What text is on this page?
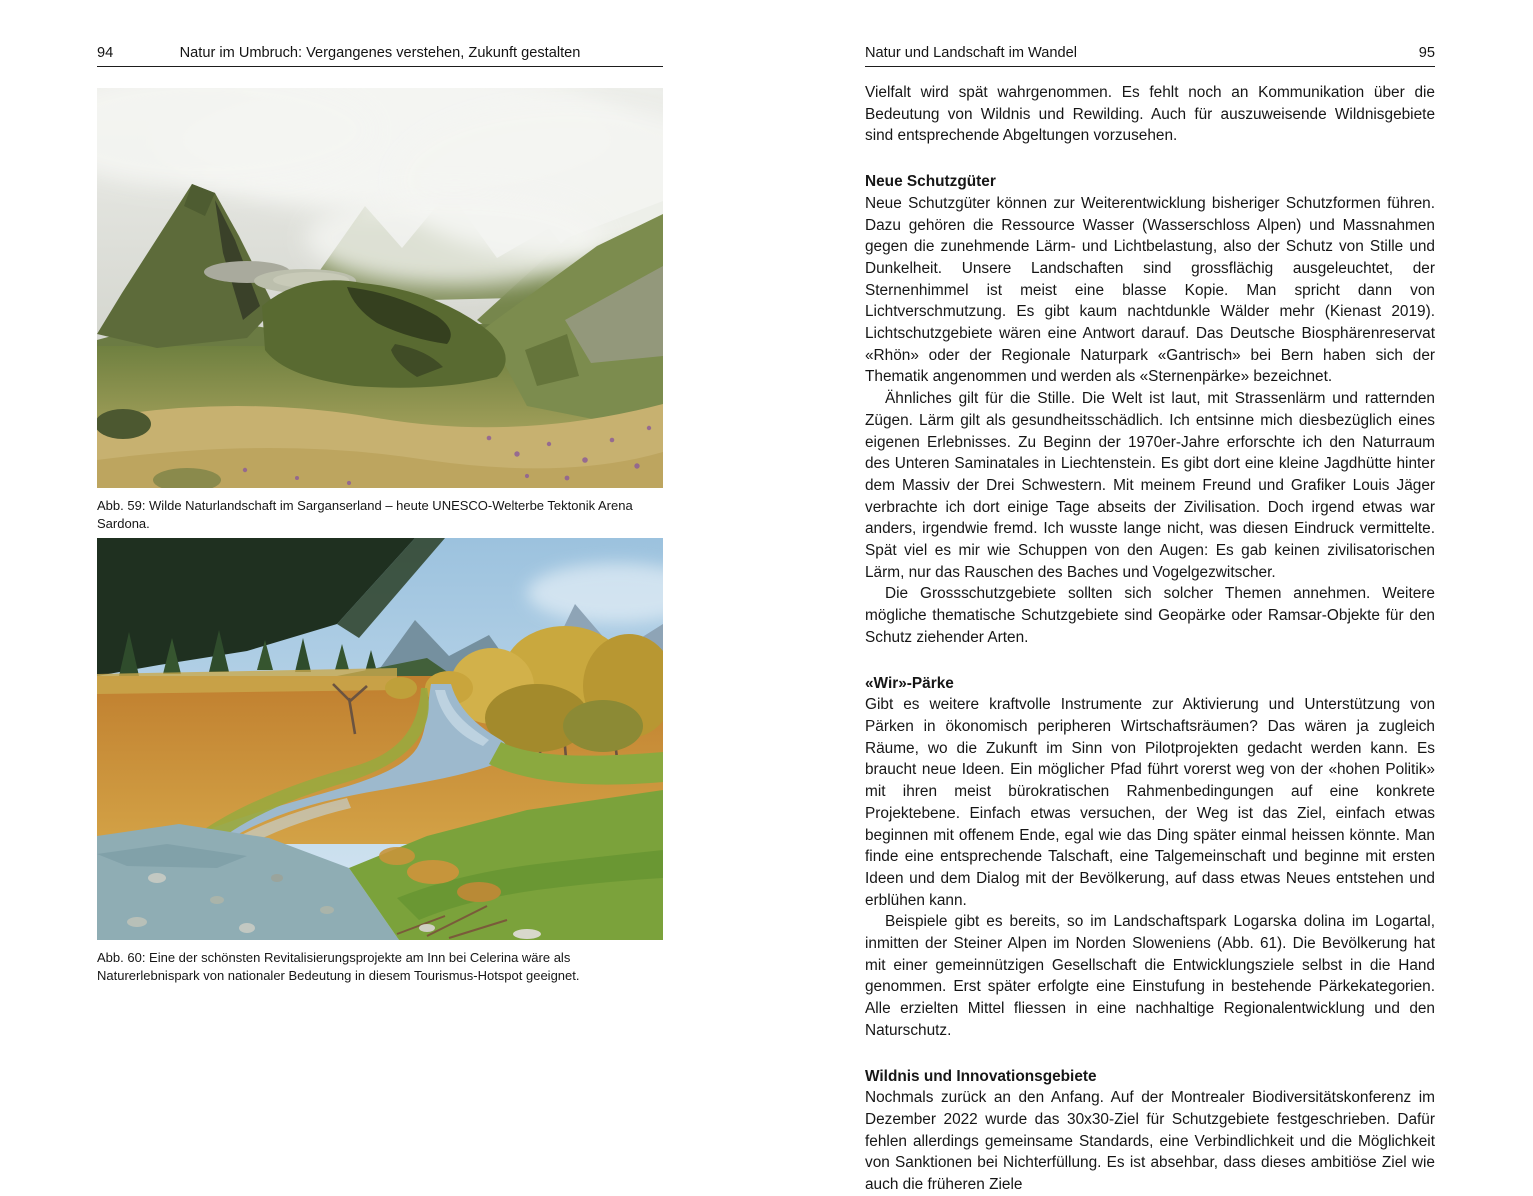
94	Natur im Umbruch: Vergangenes verstehen, Zukunft gestalten
Abb. 59: Wilde Naturlandschaft im Sarganserland – heute UNESCO-Welterbe Tektonik Arena Sardona.
Abb. 60: Eine der schönsten Revitalisierungsprojekte am Inn bei Celerina wäre als Naturerlebnispark von nationaler Bedeutung in diesem Tourismus-Hotspot geeignet.
Natur und Landschaft im Wandel	95

Vielfalt wird spät wahrgenommen. Es fehlt noch an Kommunikation über die Bedeutung von Wildnis und Rewilding. Auch für auszuweisende Wildnisgebiete sind entsprechende Abgeltungen vorzusehen.

Neue Schutzgüter

Neue Schutzgüter können zur Weiterentwicklung bisheriger Schutzformen führen. Dazu gehören die Ressource Wasser (Wasserschloss Alpen) und Massnahmen gegen die zunehmende Lärm- und Lichtbelastung, also der Schutz von Stille und Dunkelheit. Unsere Landschaften sind grossflächig ausgeleuchtet, der Sternenhimmel ist meist eine blasse Kopie. Man spricht dann von Lichtverschmutzung. Es gibt kaum nachtdunkle Wälder mehr (Kienast 2019). Lichtschutzgebiete wären eine Antwort darauf. Das Deutsche Biosphärenreservat «Rhön» oder der Regionale Naturpark «Gantrisch» bei Bern haben sich der Thematik angenommen und werden als «Sternenpärke» bezeichnet.

Ähnliches gilt für die Stille. Die Welt ist laut, mit Strassenlärm und ratternden Zügen. Lärm gilt als gesundheitsschädlich. Ich entsinne mich diesbezüglich eines eigenen Erlebnisses. Zu Beginn der 1970er-Jahre erforschte ich den Naturraum des Unteren Saminatales in Liechtenstein. Es gibt dort eine kleine Jagdhütte hinter dem Massiv der Drei Schwestern. Mit meinem Freund und Grafiker Louis Jäger verbrachte ich dort einige Tage abseits der Zivilisation. Doch irgend etwas war anders, irgendwie fremd. Ich wusste lange nicht, was diesen Eindruck vermittelte. Spät viel es mir wie Schuppen von den Augen: Es gab keinen zivilisatorischen Lärm, nur das Rauschen des Baches und Vogelgezwitscher.

Die Grossschutzgebiete sollten sich solcher Themen annehmen. Weitere mögliche thematische Schutzgebiete sind Geopärke oder Ramsar-Objekte für den Schutz ziehender Arten.

«Wir»-Pärke

Gibt es weitere kraftvolle Instrumente zur Aktivierung und Unterstützung von Pärken in ökonomisch peripheren Wirtschaftsräumen? Das wären ja zugleich Räume, wo die Zukunft im Sinn von Pilotprojekten gedacht werden kann. Es braucht neue Ideen. Ein möglicher Pfad führt vorerst weg von der «hohen Politik» mit ihren meist bürokratischen Rahmenbedingungen auf eine konkrete Projektebene. Einfach etwas versuchen, der Weg ist das Ziel, einfach etwas beginnen mit offenem Ende, egal wie das Ding später einmal heissen könnte. Man finde eine entsprechende Talschaft, eine Talgemeinschaft und beginne mit ersten Ideen und dem Dialog mit der Bevölkerung, auf dass etwas Neues entstehen und erblühen kann.

Beispiele gibt es bereits, so im Landschaftspark Logarska dolina im Logartal, inmitten der Steiner Alpen im Norden Sloweniens (Abb. 61). Die Bevölkerung hat mit einer gemeinnützigen Gesellschaft die Entwicklungsziele selbst in die Hand genommen. Erst später erfolgte eine Einstufung in bestehende Pärkekategorien. Alle erzielten Mittel fliessen in eine nachhaltige Regionalentwicklung und den Naturschutz.

Wildnis und Innovationsgebiete

Nochmals zurück an den Anfang. Auf der Montrealer Biodiversitätskonferenz im Dezember 2022 wurde das 30x30-Ziel für Schutzgebiete festgeschrieben. Dafür fehlen allerdings gemeinsame Standards, eine Verbindlichkeit und die Möglichkeit von Sanktionen bei Nichterfüllung. Es ist absehbar, dass dieses ambitiöse Ziel wie auch die früheren Ziele
